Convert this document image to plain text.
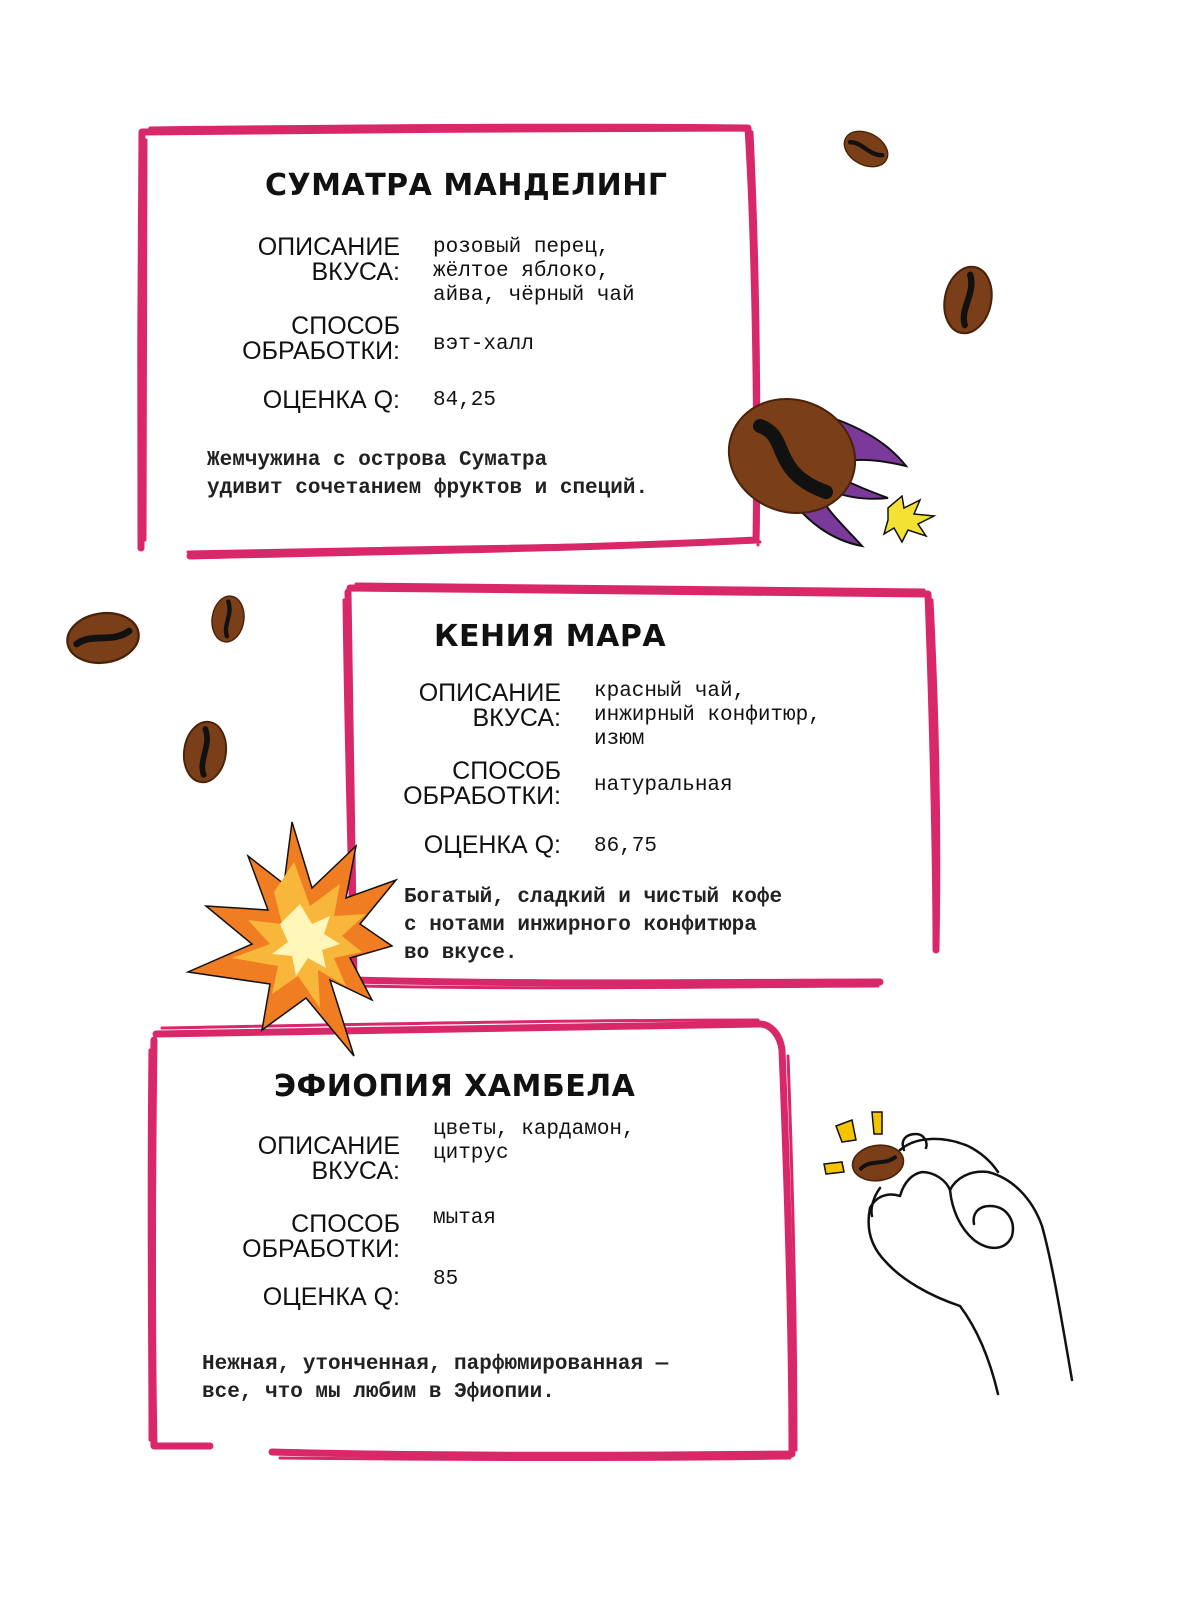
СУМАТРА МАНДЕЛИНГ
ОПИСАНИЕ
ВКУСА:
розовый перец,
жёлтое яблоко,
айва, чёрный чай
СПОСОБ
ОБРАБОТКИ: вэт-халл
ОЦЕНКА Q: 84,25
Жемчужина с острова Суматра
удивит сочетанием фруктов и специй.
КЕНИЯ МАРА
ОПИСАНИЕ
ВКУСА:
красный чай,
инжирный конфитюр,
изюм
СПОСОБ
ОБРАБОТКИ: натуральная
ОЦЕНКА Q: 86,75
Богатый, сладкий и чистый кофе
с нотами инжирного конфитюра
во вкусе.
ЭФИОПИЯ ХАМБЕЛА
ОПИСАНИЕ
ВКУСА:
цветы, кардамон,
цитрус
СПОСОБ
ОБРАБОТКИ:
мытая
ОЦЕНКА Q:
85
Нежная, утонченная, парфюмированная —
все, что мы любим в Эфиопии.
